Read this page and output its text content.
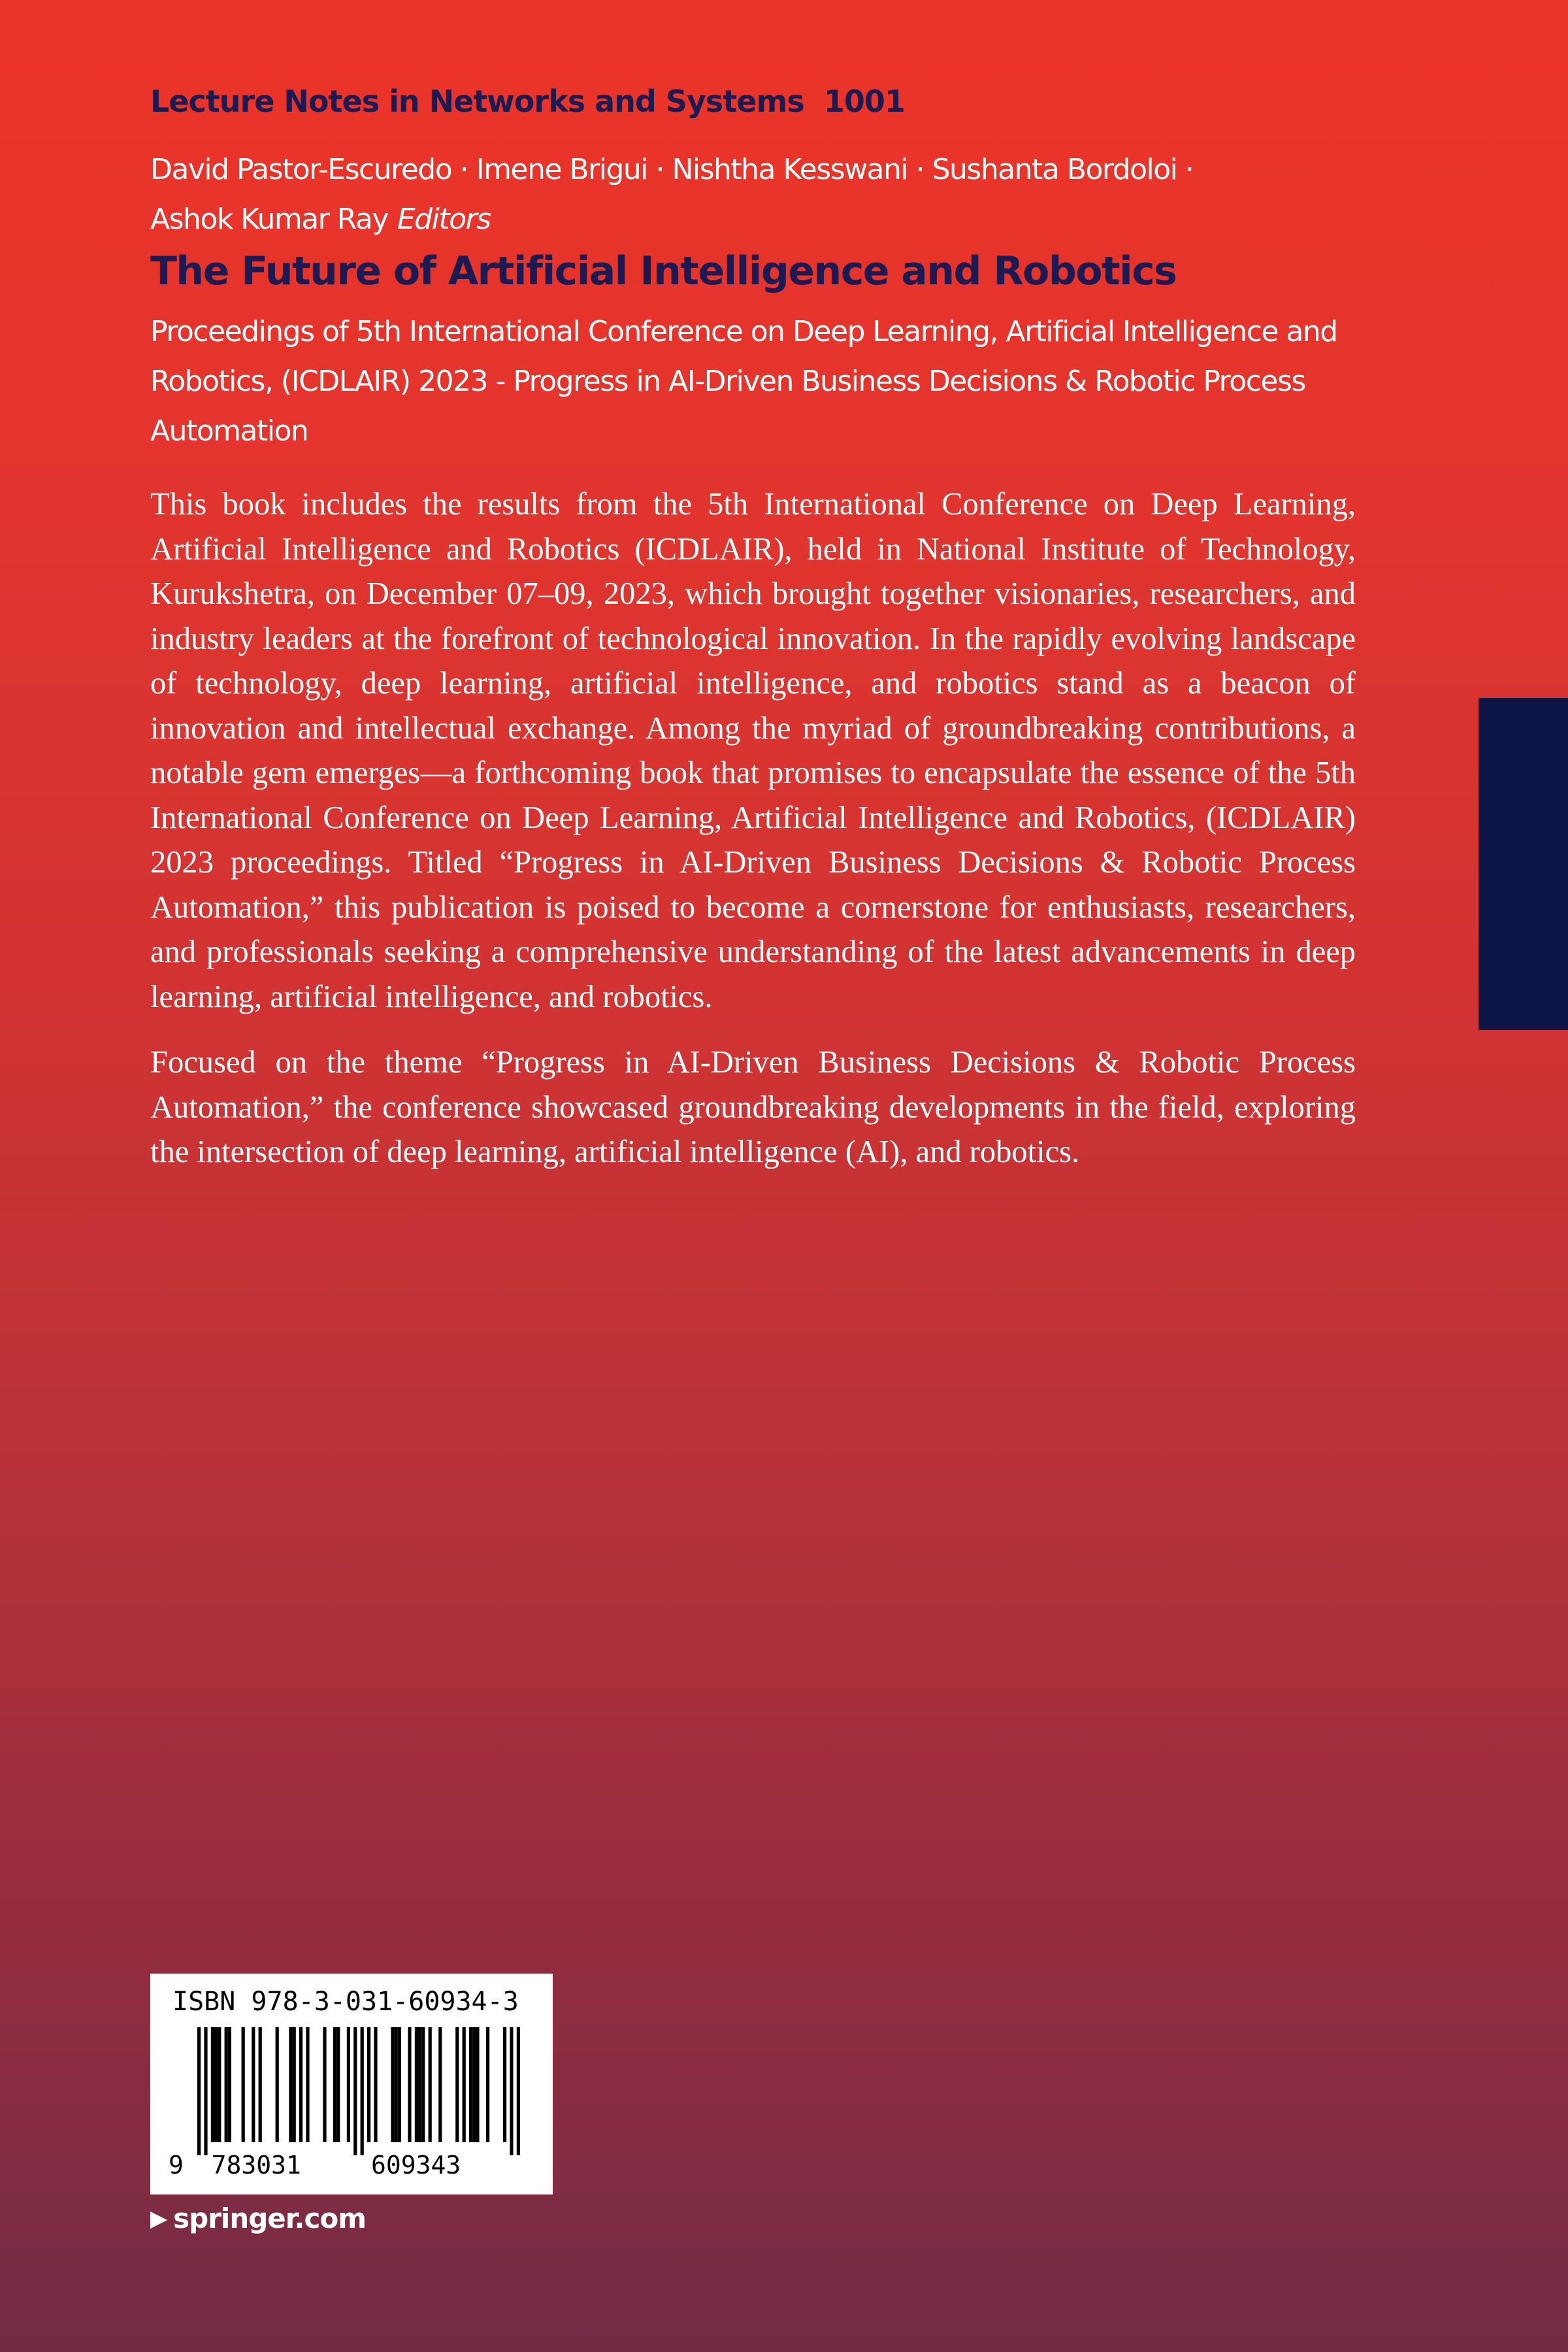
Lecture Notes in Networks and Systems 1001
David Pastor-Escuredo · Imene Brigui · Nishtha Kesswani · Sushanta Bordoloi ·
Ashok Kumar Ray Editors
The Future of Artificial Intelligence and Robotics
Proceedings of 5th International Conference on Deep Learning, Artificial Intelligence and Robotics, (ICDLAIR) 2023 - Progress in AI-Driven Business Decisions & Robotic Process Automation

This book includes the results from the 5th International Conference on Deep Learning, Artificial Intelligence and Robotics (ICDLAIR), held in National Institute of Technology, Kurukshetra, on December 07–09, 2023, which brought together visionaries, researchers, and industry leaders at the forefront of technological innovation. In the rapidly evolving landscape of technology, deep learning, artificial intelligence, and robotics stand as a beacon of innovation and intellectual exchange. Among the myriad of groundbreaking contributions, a notable gem emerges—a forthcoming book that promises to encapsulate the essence of the 5th International Conference on Deep Learning, Artificial Intelligence and Robotics, (ICDLAIR) 2023 proceedings. Titled “Progress in AI-Driven Business Decisions & Robotic Process Automation,” this publication is poised to become a cornerstone for enthusiasts, researchers, and professionals seeking a comprehensive understanding of the latest advancements in deep learning, artificial intelligence, and robotics.

Focused on the theme “Progress in AI-Driven Business Decisions & Robotic Process Automation,” the conference showcased groundbreaking developments in the field, exploring the intersection of deep learning, artificial intelligence (AI), and robotics.

ISBN 978-3-031-60934-3
9 783031	609343
▶ springer.com
